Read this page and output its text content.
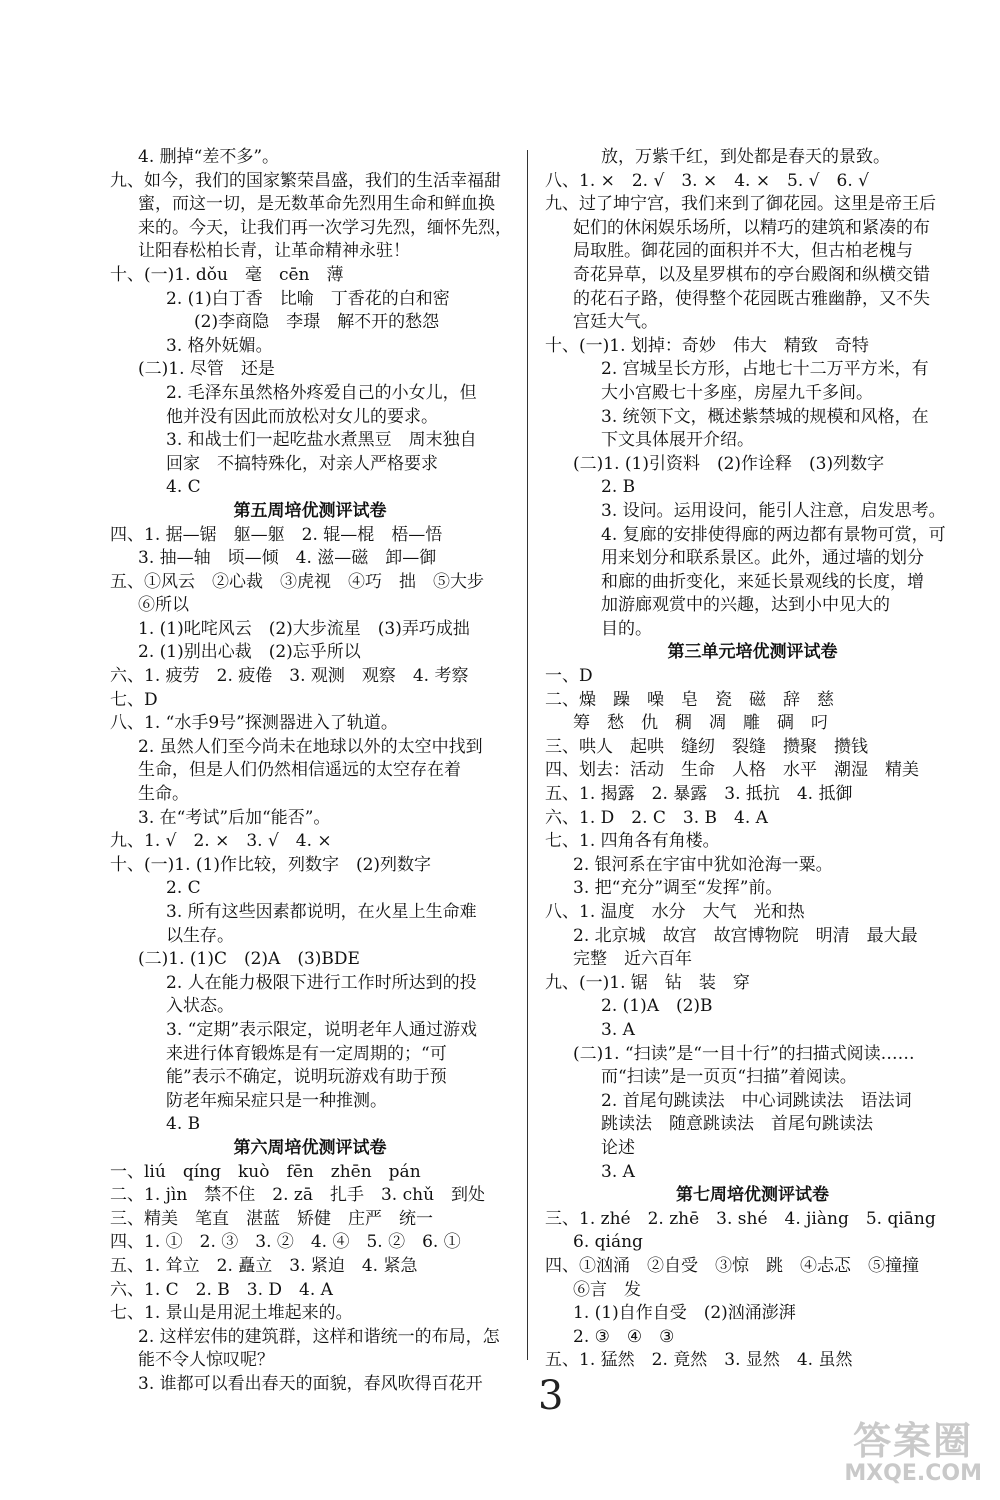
4. 删掉“差不多”。
九、如今，我们的国家繁荣昌盛，我们的生活幸福甜
蜜，而这一切，是无数革命先烈用生命和鲜血换
来的。今天，让我们再一次学习先烈，缅怀先烈，
让阳春松柏长青，让革命精神永驻！
十、(一)1. dǒu　毫　cēn　薄
2. (1)白丁香　比喻　丁香花的白和密
(2)李商隐　李璟　解不开的愁怨
3. 格外妩媚。
(二)1. 尽管　还是
2. 毛泽东虽然格外疼爱自己的小女儿，但
他并没有因此而放松对女儿的要求。
3. 和战士们一起吃盐水煮黑豆　周末独自
回家　不搞特殊化，对亲人严格要求
4. C
第五周培优测评试卷
四、1. 据—锯　躯—躯　2. 辊—棍　梧—悟
3. 抽—轴　顷—倾　4. 滋—磁　卸—御
五、①风云　②心裁　③虎视　④巧　拙　⑤大步
⑥所以
1. (1)叱咤风云　(2)大步流星　(3)弄巧成拙
2. (1)别出心裁　(2)忘乎所以
六、1. 疲劳　2. 疲倦　3. 观测　观察　4. 考察
七、D
八、1. “水手9号”探测器进入了轨道。
2. 虽然人们至今尚未在地球以外的太空中找到
生命，但是人们仍然相信遥远的太空存在着
生命。
3. 在“考试”后加“能否”。
九、1. √　2. ×　3. √　4. ×
十、(一)1. (1)作比较，列数字　(2)列数字
2. C
3. 所有这些因素都说明，在火星上生命难
以生存。
(二)1. (1)C　(2)A　(3)BDE
2. 人在能力极限下进行工作时所达到的投
入状态。
3. “定期”表示限定，说明老年人通过游戏
来进行体育锻炼是有一定周期的；“可
能”表示不确定，说明玩游戏有助于预
防老年痴呆症只是一种推测。
4. B
第六周培优测评试卷
一、liú　qíng　kuò　fēn　zhēn　pán
二、1. jìn　禁不住　2. zā　扎手　3. chǔ　到处
三、精美　笔直　湛蓝　矫健　庄严　统一
四、1. ①　2. ③　3. ②　4. ④　5. ②　6. ①
五、1. 耸立　2. 矗立　3. 紧迫　4. 紧急
六、1. C　2. B　3. D　4. A
七、1. 景山是用泥土堆起来的。
2. 这样宏伟的建筑群，这样和谐统一的布局，怎
能不令人惊叹呢？
3. 谁都可以看出春天的面貌，春风吹得百花开
放，万紫千红，到处都是春天的景致。
八、1. ×　2. √　3. ×　4. ×　5. √　6. √
九、过了坤宁宫，我们来到了御花园。这里是帝王后
妃们的休闲娱乐场所，以精巧的建筑和紧凑的布
局取胜。御花园的面积并不大，但古柏老槐与
奇花异草，以及星罗棋布的亭台殿阁和纵横交错
的花石子路，使得整个花园既古雅幽静，又不失
宫廷大气。
十、(一)1. 划掉：奇妙　伟大　精致　奇特
2. 宫城呈长方形，占地七十二万平方米，有
大小宫殿七十多座，房屋九千多间。
3. 统领下文，概述紫禁城的规模和风格，在
下文具体展开介绍。
(二)1. (1)引资料　(2)作诠释　(3)列数字
2. B
3. 设问。运用设问，能引人注意，启发思考。
4. 复廊的安排使得廊的两边都有景物可赏，可
用来划分和联系景区。此外，通过墙的划分
和廊的曲折变化，来延长景观线的长度，增
加游廊观赏中的兴趣，达到小中见大的
目的。
第三单元培优测评试卷
一、D
二、燥　躁　噪　皂　瓷　磁　辞　慈
筹　愁　仇　稠　凋　雕　碉　叼
三、哄人　起哄　缝纫　裂缝　攒聚　攒钱
四、划去：活动　生命　人格　水平　潮湿　精美
五、1. 揭露　2. 暴露　3. 抵抗　4. 抵御
六、1. D　2. C　3. B　4. A
七、1. 四角各有角楼。
2. 银河系在宇宙中犹如沧海一粟。
3. 把“充分”调至“发挥”前。
八、1. 温度　水分　大气　光和热
2. 北京城　故宫　故宫博物院　明清　最大最
完整　近六百年
九、(一)1. 锯　钻　装　穿
2. (1)A　(2)B
3. A
(二)1. “扫读”是“一目十行”的扫描式阅读……
而“扫读”是一页页“扫描”着阅读。
2. 首尾句跳读法　中心词跳读法　语法词
跳读法　随意跳读法　首尾句跳读法
论述
3. A
第七周培优测评试卷
三、1. zhé　2. zhē　3. shé　4. jiàng　5. qiāng
6. qiáng
四、①汹涌　②自受　③惊　跳　④忐忑　⑤撞撞
⑥言　发
1. (1)自作自受　(2)汹涌澎湃
2. ③　④　③
五、1. 猛然　2. 竟然　3. 显然　4. 虽然
3
答案圈
MXQE.COM
